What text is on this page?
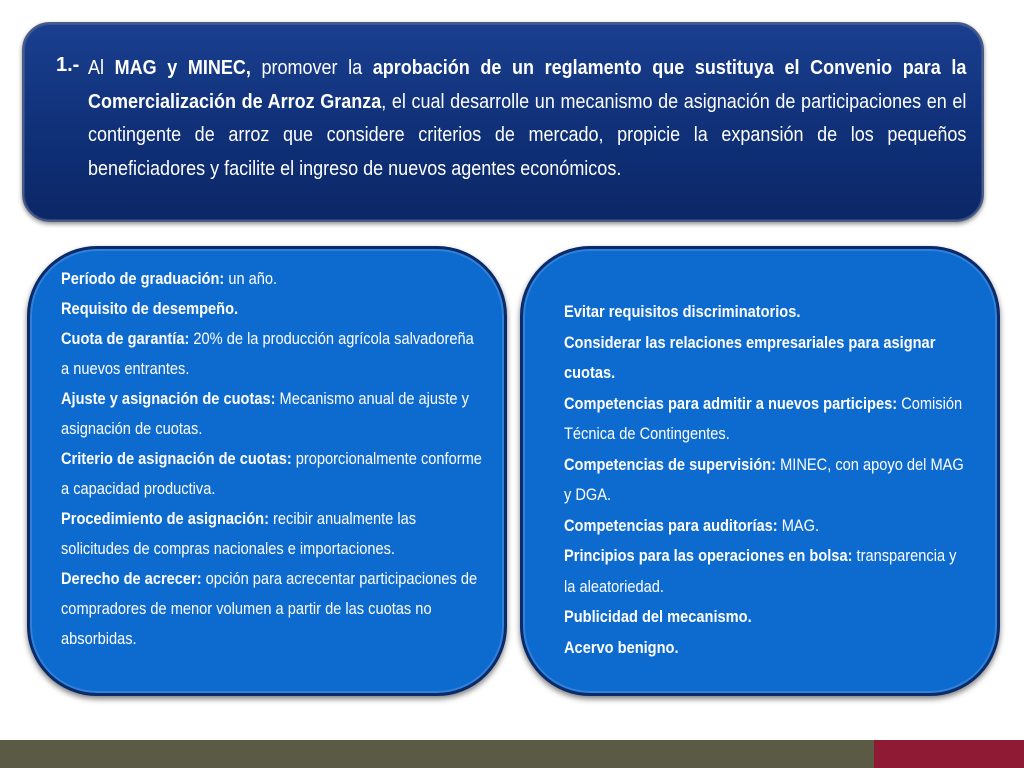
1.- Al MAG y MINEC, promover la aprobación de un reglamento que sustituya el Convenio para la Comercialización de Arroz Granza, el cual desarrolle un mecanismo de asignación de participaciones en el contingente de arroz que considere criterios de mercado, propicie la expansión de los pequeños beneficiadores y facilite el ingreso de nuevos agentes económicos.
Período de graduación: un año.
Requisito de desempeño.
Cuota de garantía: 20% de la producción agrícola salvadoreña a nuevos entrantes.
Ajuste y asignación de cuotas: Mecanismo anual de ajuste y asignación de cuotas.
Criterio de asignación de cuotas: proporcionalmente conforme a capacidad productiva.
Procedimiento de asignación: recibir anualmente las solicitudes de compras nacionales e importaciones.
Derecho de acrecer: opción para acrecentar participaciones de compradores de menor volumen a partir de las cuotas no absorbidas.
Evitar requisitos discriminatorios.
Considerar las relaciones empresariales para asignar cuotas.
Competencias para admitir a nuevos participes: Comisión Técnica de Contingentes.
Competencias de supervisión: MINEC, con apoyo del MAG y DGA.
Competencias para auditorías: MAG.
Principios para las operaciones en bolsa: transparencia y la aleatoriedad.
Publicidad del mecanismo.
Acervo benigno.
